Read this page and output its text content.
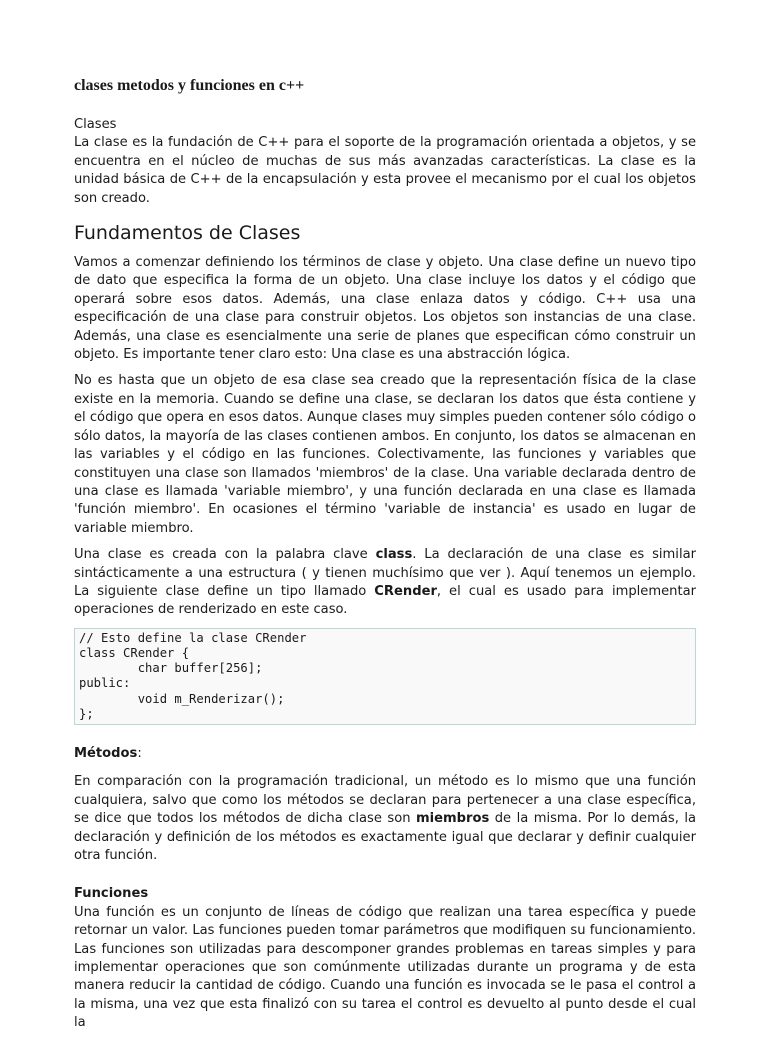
clases metodos y funciones en c++

Clases
La clase es la fundación de C++ para el soporte de la programación orientada a objetos, y se encuentra en el núcleo de muchas de sus más avanzadas características. La clase es la unidad básica de C++ de la encapsulación y esta provee el mecanismo por el cual los objetos son creado.

Fundamentos de Clases

Vamos a comenzar definiendo los términos de clase y objeto. Una clase define un nuevo tipo de dato que especifica la forma de un objeto. Una clase incluye los datos y el código que operará sobre esos datos. Además, una clase enlaza datos y código. C++ usa una especificación de una clase para construir objetos. Los objetos son instancias de una clase. Además, una clase es esencialmente una serie de planes que especifican cómo construir un objeto. Es importante tener claro esto: Una clase es una abstracción lógica.

No es hasta que un objeto de esa clase sea creado que la representación física de la clase existe en la memoria. Cuando se define una clase, se declaran los datos que ésta contiene y el código que opera en esos datos. Aunque clases muy simples pueden contener sólo código o sólo datos, la mayoría de las clases contienen ambos. En conjunto, los datos se almacenan en las variables y el código en las funciones. Colectivamente, las funciones y variables que constituyen una clase son llamados 'miembros' de la clase. Una variable declarada dentro de una clase es llamada 'variable miembro', y una función declarada en una clase es llamada 'función miembro'. En ocasiones el término 'variable de instancia' es usado en lugar de variable miembro.

Una clase es creada con la palabra clave class. La declaración de una clase es similar sintácticamente a una estructura ( y tienen muchísimo que ver ). Aquí tenemos un ejemplo. La siguiente clase define un tipo llamado CRender, el cual es usado para implementar operaciones de renderizado en este caso.

// Esto define la clase CRender
class CRender {
char buffer[256];
public:
void m_Renderizar();
};

Métodos:

En comparación con la programación tradicional, un método es lo mismo que una función cualquiera, salvo que como los métodos se declaran para pertenecer a una clase específica, se dice que todos los métodos de dicha clase son miembros de la misma. Por lo demás, la declaración y definición de los métodos es exactamente igual que declarar y definir cualquier otra función.

Funciones
Una función es un conjunto de líneas de código que realizan una tarea específica y puede retornar un valor. Las funciones pueden tomar parámetros que modifiquen su funcionamiento. Las funciones son utilizadas para descomponer grandes problemas en tareas simples y para implementar operaciones que son comúnmente utilizadas durante un programa y de esta manera reducir la cantidad de código. Cuando una función es invocada se le pasa el control a la misma, una vez que esta finalizó con su tarea el control es devuelto al punto desde el cual la
